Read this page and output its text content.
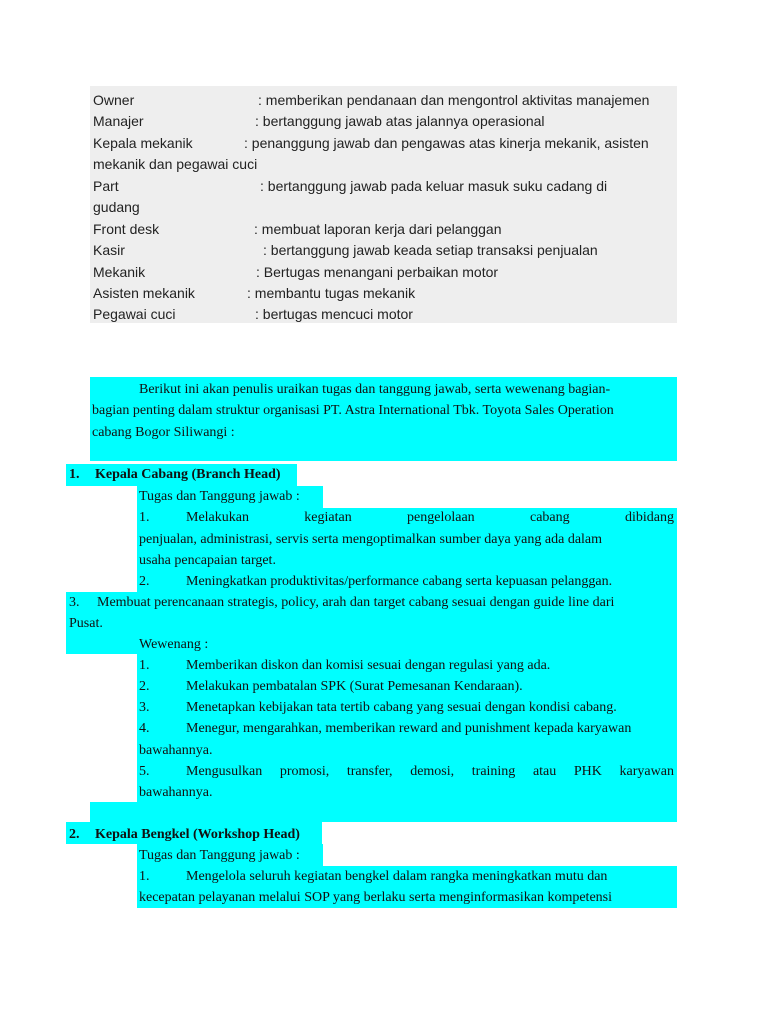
Owner	: memberikan pendanaan dan mengontrol aktivitas manajemen
Manajer	: bertanggung jawab atas jalannya operasional
Kepala mekanik	: penanggung jawab dan pengawas atas kinerja mekanik, asisten
mekanik dan pegawai cuci
Part	: bertanggung jawab pada keluar masuk suku cadang di
gudang
Front desk	: membuat laporan kerja dari pelanggan
Kasir	: bertanggung jawab keada setiap transaksi penjualan
Mekanik	: Bertugas menangani perbaikan motor
Asisten mekanik	: membantu tugas mekanik
Pegawai cuci	: bertugas mencuci motor
Berikut ini akan penulis uraikan tugas dan tanggung jawab, serta wewenang bagian-
bagian penting dalam struktur organisasi PT. Astra International Tbk. Toyota Sales Operation
cabang Bogor Siliwangi :
1. Kepala Cabang (Branch Head)
Tugas dan Tanggung jawab :
1.	Melakukan	kegiatan	pengelolaan	cabang	dibidang
penjualan, administrasi, servis serta mengoptimalkan sumber daya yang ada dalam
usaha pencapaian target.
2.	Meningkatkan produktivitas/performance cabang serta kepuasan pelanggan.
3. Membuat perencanaan strategis, policy, arah dan target cabang sesuai dengan guide line dari
Pusat.
Wewenang :
1.	Memberikan diskon dan komisi sesuai dengan regulasi yang ada.
2.	Melakukan pembatalan SPK (Surat Pemesanan Kendaraan).
3.	Menetapkan kebijakan tata tertib cabang yang sesuai dengan kondisi cabang.
4.	Menegur, mengarahkan, memberikan reward and punishment kepada karyawan
bawahannya.
5.	Mengusulkan promosi, transfer, demosi, training atau PHK karyawan
bawahannya.
2. Kepala Bengkel (Workshop Head)
Tugas dan Tanggung jawab :
1.	Mengelola seluruh kegiatan bengkel dalam rangka meningkatkan mutu dan
kecepatan pelayanan melalui SOP yang berlaku serta menginformasikan kompetensi
